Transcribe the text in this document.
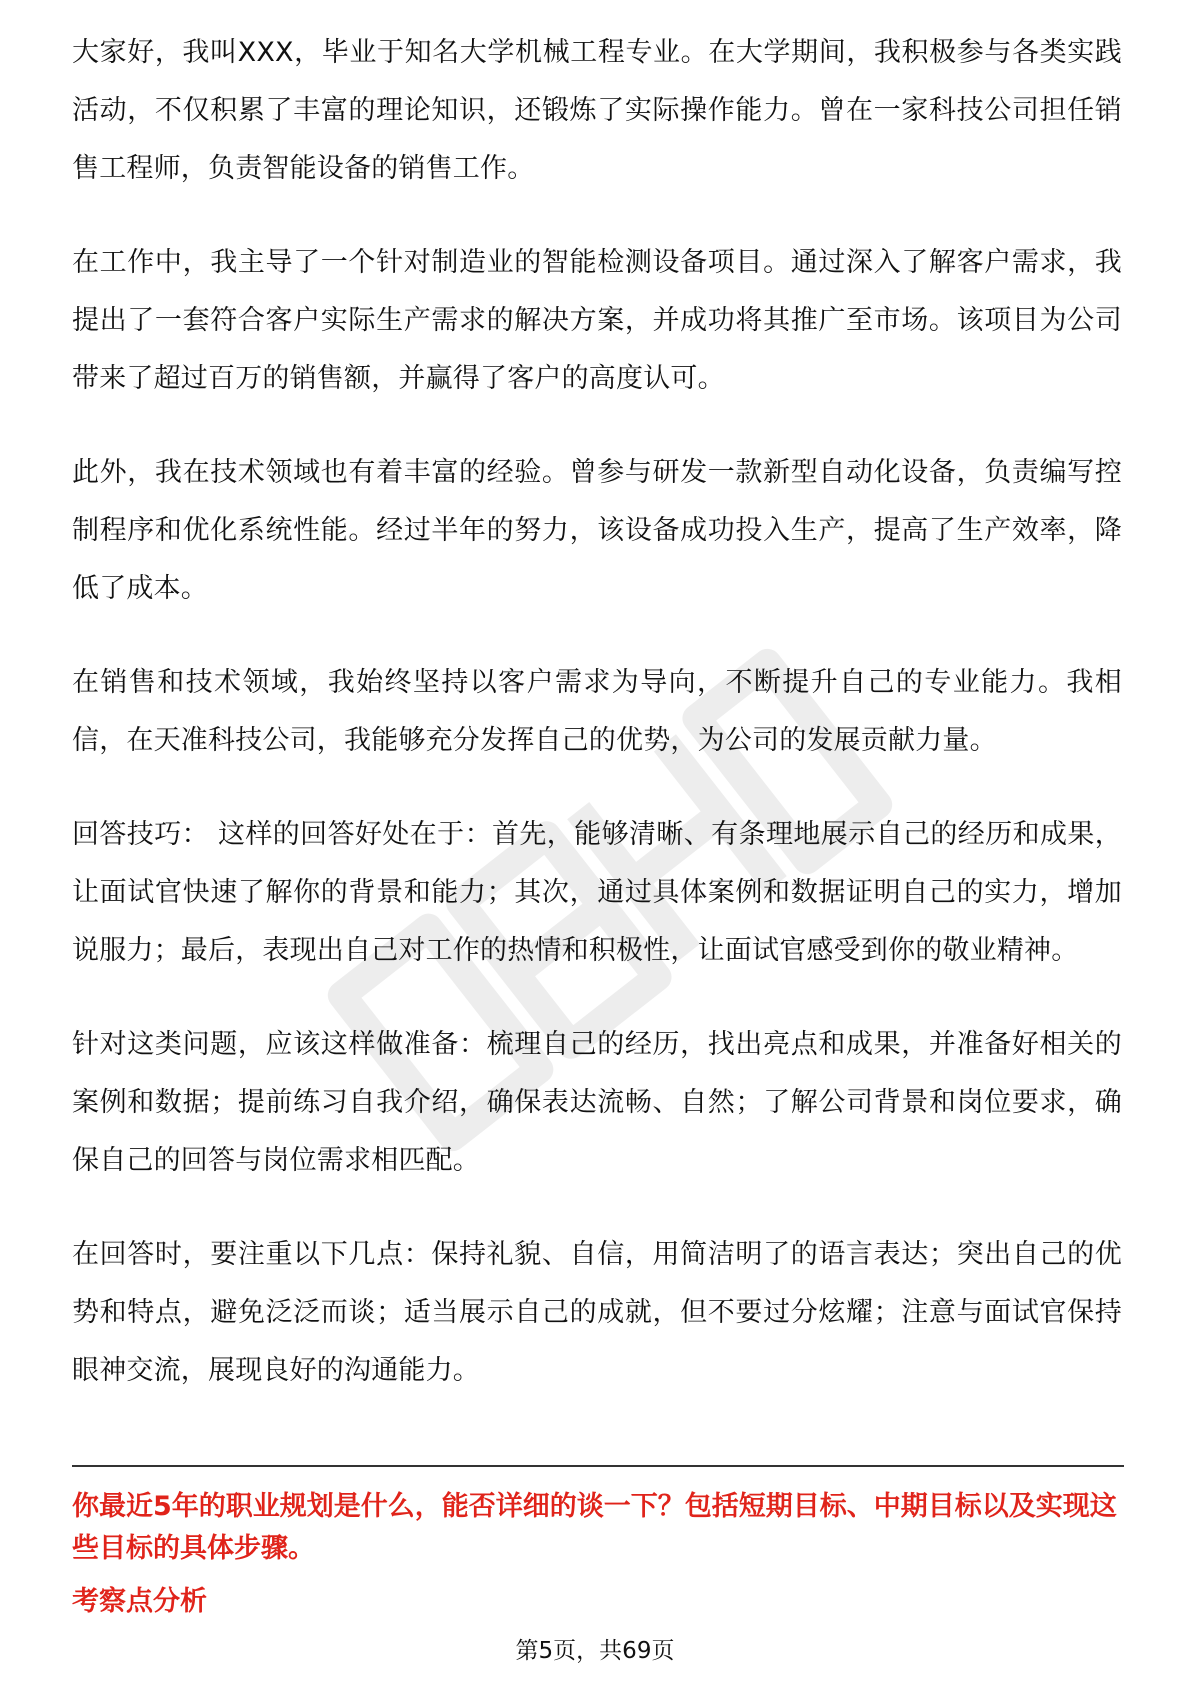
大家好，我叫XXX，毕业于知名大学机械工程专业。在大学期间，我积极参与各类实践活动，不仅积累了丰富的理论知识，还锻炼了实际操作能力。曾在一家科技公司担任销售工程师，负责智能设备的销售工作。

在工作中，我主导了一个针对制造业的智能检测设备项目。通过深入了解客户需求，我提出了一套符合客户实际生产需求的解决方案，并成功将其推广至市场。该项目为公司带来了超过百万的销售额，并赢得了客户的高度认可。

此外，我在技术领域也有着丰富的经验。曾参与研发一款新型自动化设备，负责编写控制程序和优化系统性能。经过半年的努力，该设备成功投入生产，提高了生产效率，降低了成本。

在销售和技术领域，我始终坚持以客户需求为导向，不断提升自己的专业能力。我相信，在天准科技公司，我能够充分发挥自己的优势，为公司的发展贡献力量。

回答技巧： 这样的回答好处在于：首先，能够清晰、有条理地展示自己的经历和成果，让面试官快速了解你的背景和能力；其次，通过具体案例和数据证明自己的实力，增加说服力；最后，表现出自己对工作的热情和积极性，让面试官感受到你的敬业精神。

针对这类问题，应该这样做准备：梳理自己的经历，找出亮点和成果，并准备好相关的案例和数据；提前练习自我介绍，确保表达流畅、自然；了解公司背景和岗位要求，确保自己的回答与岗位需求相匹配。

在回答时，要注重以下几点：保持礼貌、自信，用简洁明了的语言表达；突出自己的优势和特点，避免泛泛而谈；适当展示自己的成就，但不要过分炫耀；注意与面试官保持眼神交流，展现良好的沟通能力。

你最近5年的职业规划是什么，能否详细的谈一下？包括短期目标、中期目标以及实现这些目标的具体步骤。

考察点分析

第5页，共69页
